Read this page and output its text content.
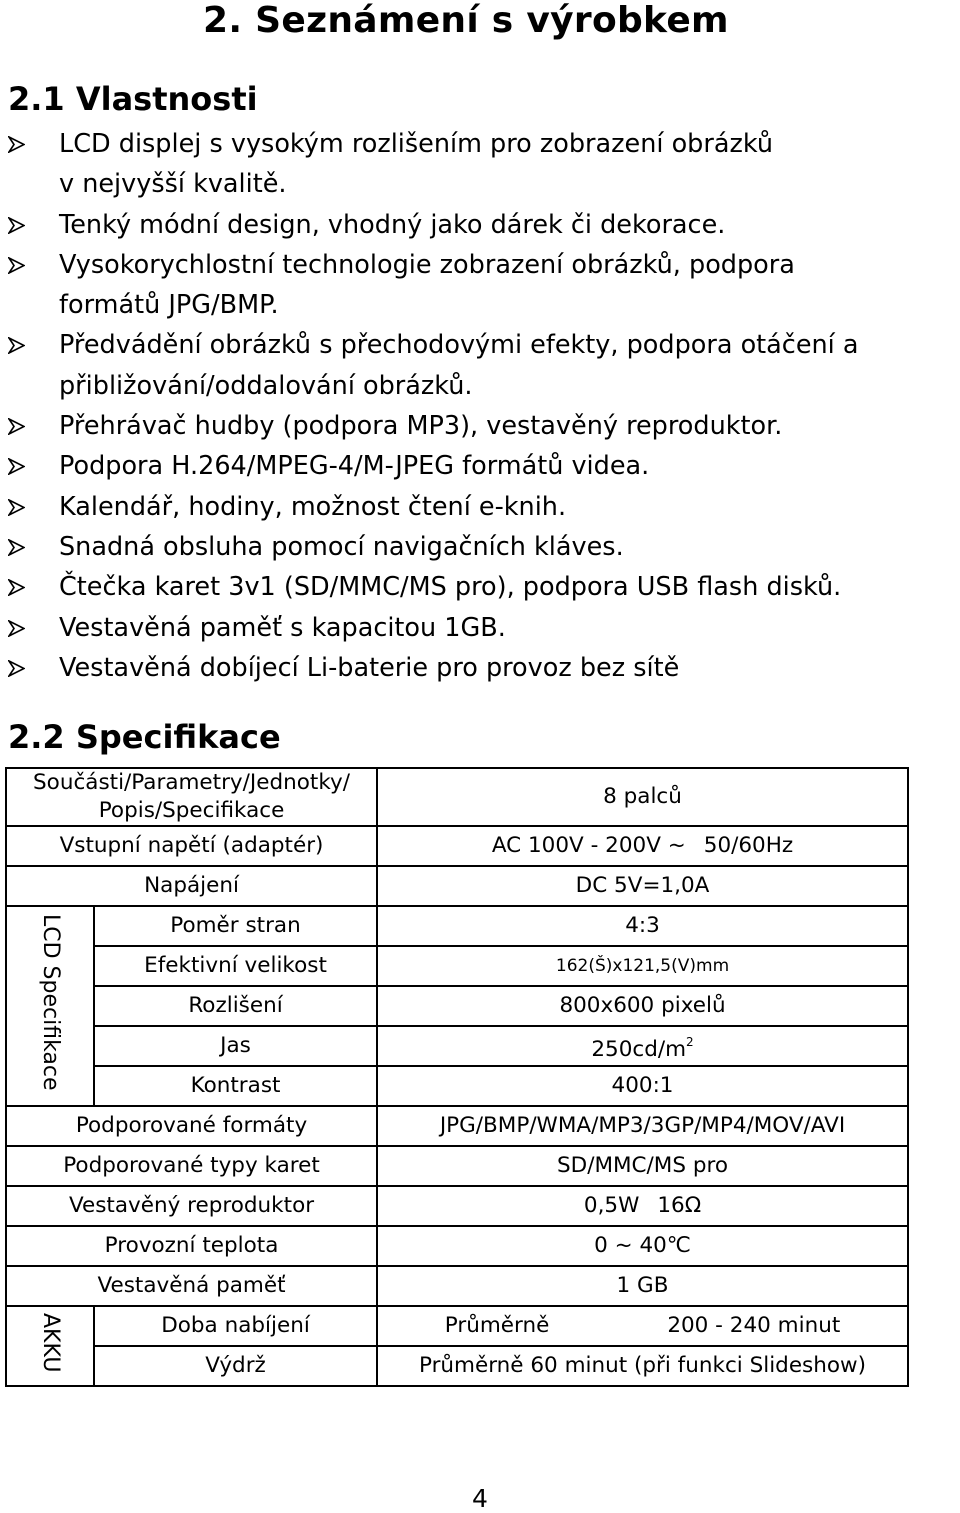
2. Seznámení s výrobkem
2.1 Vlastnosti
LCD displej s vysokým rozlišením pro zobrazení obrázků
v nejvyšší kvalitě.
Tenký módní design, vhodný jako dárek či dekorace.
Vysokorychlostní technologie zobrazení obrázků, podpora
formátů JPG/BMP.
Předvádění obrázků s přechodovými efekty, podpora otáčení a
přibližování/oddalování obrázků.
Přehrávač hudby (podpora MP3), vestavěný reproduktor.
Podpora H.264/MPEG-4/M-JPEG formátů videa.
Kalendář, hodiny, možnost čtení e-knih.
Snadná obsluha pomocí navigačních kláves.
Čtečka karet 3v1 (SD/MMC/MS pro), podpora USB flash disků.
Vestavěná paměť s kapacitou 1GB.
Vestavěná dobíjecí Li-baterie pro provoz bez sítě
2.2 Specifikace
Součásti/Parametry/Jednotky/
Popis/Specifikace		8 palců
Vstupní napětí (adaptér)		AC 100V - 200V ~ 50/60Hz
Napájení		DC 5V=1,0A
LCD Specifikace	Poměr stran	4:3
	Efektivní velikost	162(Š)x121,5(V)mm
	Rozlišení	800x600 pixelů
	Jas	$250cd/m^2$
	Kontrast	400:1
Podporované formáty		JPG/BMP/WMA/MP3/3GP/MP4/MOV/AVI
Podporované typy karet		SD/MMC/MS pro
Vestavěný reproduktor		0,5W 16Ω
Provozní teplota		0 ~ 40℃
Vestavěná paměť		1 GB
AKKU	Doba nabíjení	Průměrně 200 - 240 minut
	Výdrž	Průměrně 60 minut (při funkci Slideshow)
4
